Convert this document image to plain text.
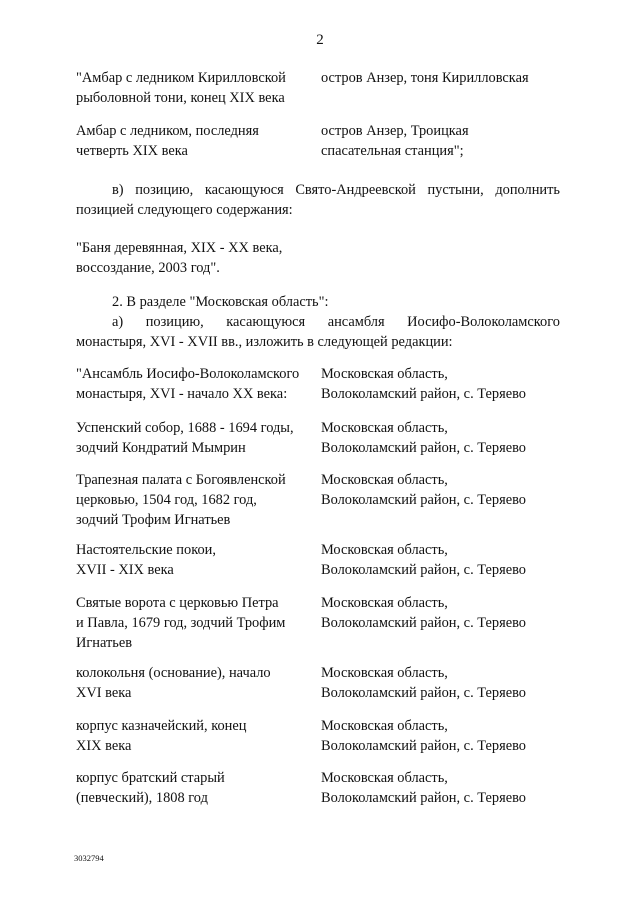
2
"Амбар с ледником Кирилловской
рыболовной тони, конец XIX века
остров Анзер, тоня Кирилловская
Амбар с ледником, последняя
четверть XIX века
остров Анзер, Троицкая
спасательная станция";
в) позицию, касающуюся Свято-Андреевской пустыни, дополнить
позицией следующего содержания:
"Баня деревянная, XIX - XX века,
воссоздание, 2003 год".
2. В разделе "Московская область":
а) позицию, касающуюся ансамбля Иосифо-Волоколамского
монастыря, XVI - XVII вв., изложить в следующей редакции:
"Ансамбль Иосифо-Волоколамского
монастыря, XVI - начало XX века:
Московская область,
Волоколамский район, с. Теряево
Успенский собор, 1688 - 1694 годы,
зодчий Кондратий Мымрин
Московская область,
Волоколамский район, с. Теряево
Трапезная палата с Богоявленской
церковью, 1504 год, 1682 год,
зодчий Трофим Игнатьев
Московская область,
Волоколамский район, с. Теряево
Настоятельские покои,
XVII - XIX века
Московская область,
Волоколамский район, с. Теряево
Святые ворота с церковью Петра
и Павла, 1679 год, зодчий Трофим
Игнатьев
Московская область,
Волоколамский район, с. Теряево
колокольня (основание), начало
XVI века
Московская область,
Волоколамский район, с. Теряево
корпус казначейский, конец
XIX века
Московская область,
Волоколамский район, с. Теряево
корпус братский старый
(певческий), 1808 год
Московская область,
Волоколамский район, с. Теряево
3032794
